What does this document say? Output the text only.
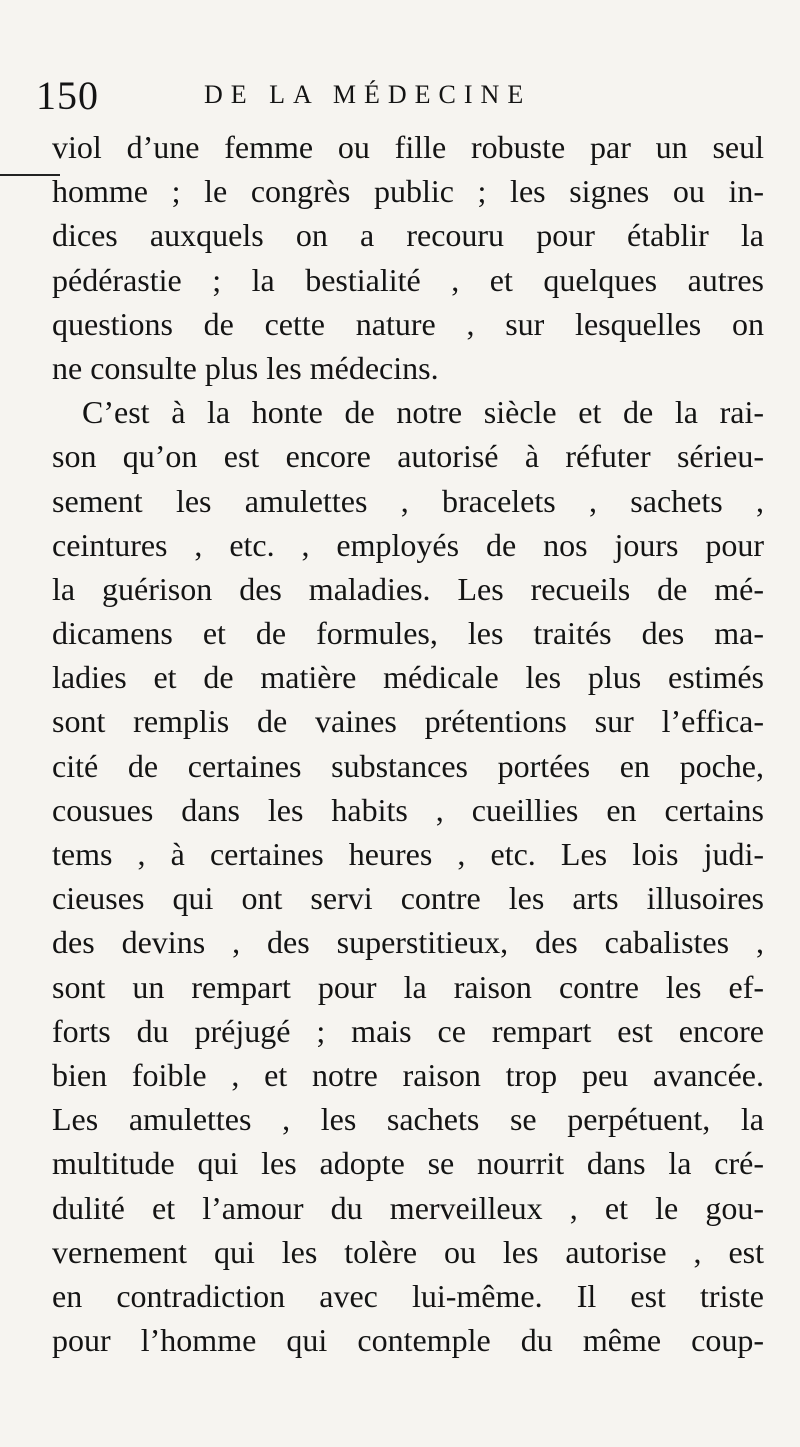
150	DE LA MÉDECINE
viol d’une femme ou fille robuste par un seul
homme ; le congrès public ; les signes ou in-
dices auxquels on a recouru pour établir la
pédérastie ; la bestialité , et quelques autres
questions de cette nature , sur lesquelles on
ne consulte plus les médecins.
C’est à la honte de notre siècle et de la rai-
son qu’on est encore autorisé à réfuter sérieu-
sement les amulettes , bracelets , sachets ,
ceintures , etc. , employés de nos jours pour
la guérison des maladies. Les recueils de mé-
dicamens et de formules, les traités des ma-
ladies et de matière médicale les plus estimés
sont remplis de vaines prétentions sur l’effica-
cité de certaines substances portées en poche,
cousues dans les habits , cueillies en certains
tems , à certaines heures , etc. Les lois judi-
cieuses qui ont servi contre les arts illusoires
des devins , des superstitieux, des cabalistes ,
sont un rempart pour la raison contre les ef-
forts du préjugé ; mais ce rempart est encore
bien foible , et notre raison trop peu avancée.
Les amulettes , les sachets se perpétuent, la
multitude qui les adopte se nourrit dans la cré-
dulité et l’amour du merveilleux , et le gou-
vernement qui les tolère ou les autorise , est
en contradiction avec lui-même. Il est triste
pour l’homme qui contemple du même coup-
